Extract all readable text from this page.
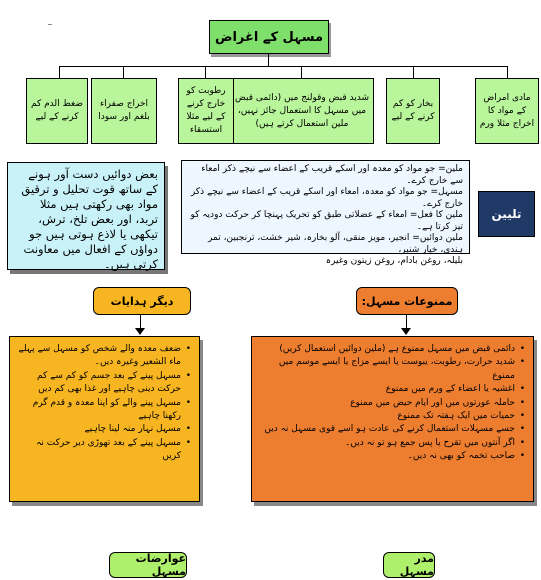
مسہل کے اغراض
مادی امراض کے مواد کا اخراج مثلا ورم
بخار کو کم کرنے کے لیے
شدید قبض وقولنج میں (دائمی قبض میں مسہل کا استعمال جائز نہیں، ملین استعمال کرتے ہیں)
رطوبت کو خارج کرنے کے لیے مثلا استسقاء
اخراج صفراء بلغم اور سودا
ضغط الدم کم کرنے کے لیے
بعض دوائیں دست آور ہونے کے ساتھ قوت تحلیل و ترقیق مواد بھی رکھتی ہیں مثلا تربد، اور بعض تلخ، ترش، تیکھی یا لاذع ہوتی ہیں جو دواؤں کے افعال میں معاونت کرتی ہیں۔
ملین= جو مواد کو معدہ اور اسکے قریب کے اعضاء سے نیچے ذکر امعاء سے خارج کرے۔
مسہل= جو مواد کو معدہ، امعاء اور اسکے قریب کے اعضاء سے نیچے ذکر خارج کرے۔
ملین کا فعل= امعاء کے عضلاتی طبق کو تحریک پہنچا کر حرکت دودیہ کو تیز کرتا ہے۔
ملین دوائیں= انجیر، مویز منقی، آلو بخارہ، شیر خشت، ترنجبین، تمر ہندی، خیار شنبر،
بلیلہ، روغن بادام، روغن زیتون وغیرہ
تلیین
ممنوعات مسہل:
دیگر ہدایات
• دائمی قبض میں مسہل ممنوع ہے (ملین دوائیں استعمال کریں)
• شدید حرارت، رطوبت، یبوست یا ایسے مزاج یا ایسے موسم میں ممنوع
• اغشیہ یا اعضاء کے ورم میں ممنوع
• حاملہ عورتوں میں اور ایام حیض میں ممنوع
• حمیات میں ایک ہفتہ تک ممنوع
• جسے مسہلات استعمال کرنے کی عادت ہو اسے قوی مسہل نہ دیں
• اگر آنتوں میں تقرح یا پس جمع ہو تو نہ دیں۔
• صاحب تخمہ کو بھی نہ دیں۔
• ضعف معدہ والے شخص کو مسہل سے پہلے ماء الشعیر وغیرہ دیں۔
• مسہل پینے کے بعد جسم کو کم سے کم حرکت دینی چاہیے اور غذا بھی کم دیں
• مسہل پینے والے کو اپنا معدہ و قدم گرم رکھنا چاہیے
• مسہل نہار منہ لینا چاہیے
• مسہل پینے کے بعد تھوڑی دیر حرکت نہ کریں
مدر مسہل
عوارضات مسہل
